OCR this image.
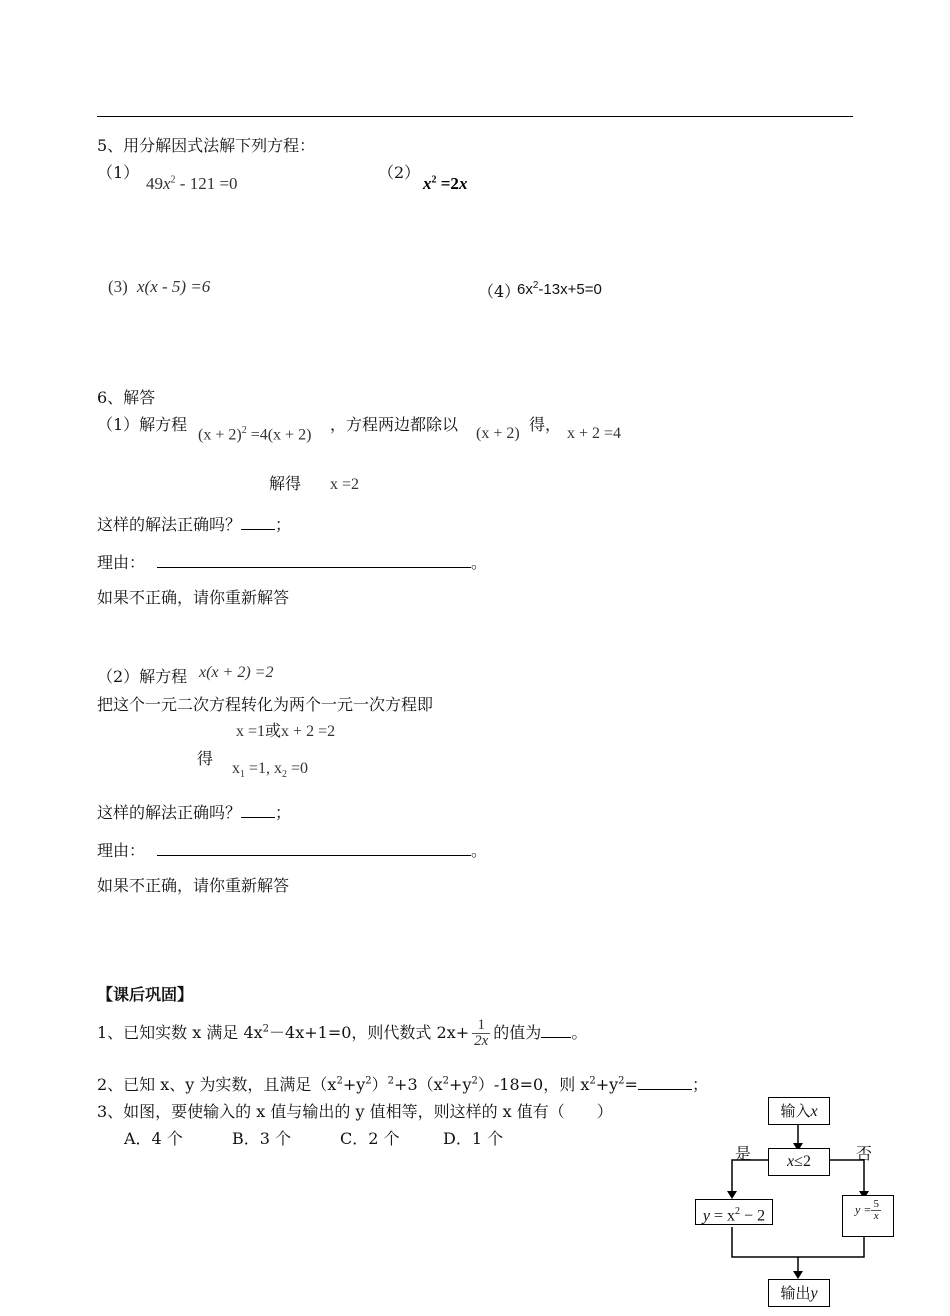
5、用分解因式法解下列方程：
（1）
$49x^2 - 121 =0$
（2）
$x^2 =2x$
(3) x(x - 5) =6	（4）
$6x^2-13x+5=0$
6、解答
（1）解方程
$(x + 2)^2 =4(x + 2)$
，方程两边都除以 (x + 2) 得， x + 2 =4
解得 x =2
这样的解法正确吗？ ；
理由：	。
如果不正确，请你重新解答
（2）解方程 x(x + 2) =2
把这个一元二次方程转化为两个一元一次方程即
x =1或x + 2 =2
得
$x_1 =1$, $x_2 =0$
这样的解法正确吗？ ；
理由：	。
如果不正确，请你重新解答
【课后巩固】
1、已知实数 x 满足 $4x^2-4x+1=0$，则代数式 $2x+ \frac{1}{2x}$ 的值为 。
2、已知 x、y 为实数，且满足$(x^2+y^2)^2+3(x^2+y^2)-18=0$，则 $x^2+y^2=$	；
3、如图，要使输入的 x 值与输出的 y 值相等，则这样的 x 值有（　　）
A．4 个	B．3 个	C．2 个	D．1 个
输入x
x≤2
是	否
$y = x^2 - 2$	$y = \frac{5}{x}$
输出y
